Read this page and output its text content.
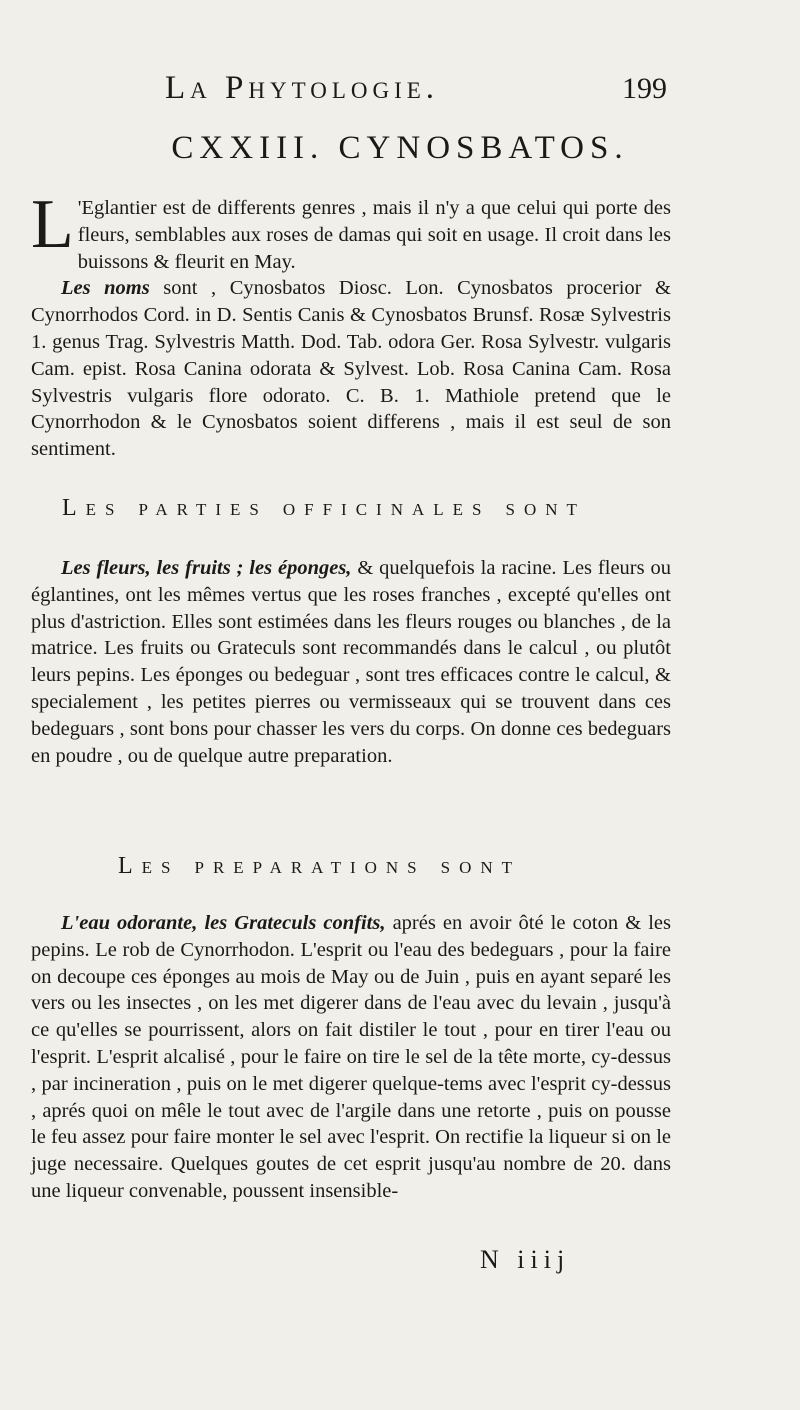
La Phytologie.	199
CXXIII. CYNOSBATOS.

L 'Eglantier est de differents genres , mais il n'y a que celui qui porte des fleurs, semblables aux roses de damas qui soit en usage. Il croit dans les buissons & fleurit en May.

Les noms sont , Cynosbatos Diosc. Lon. Cynosbatos procerior & Cynorrhodos Cord. in D. Sentis Canis & Cynosbatos Brunsf. Rosæ Sylvestris 1. genus Trag. Sylvestris Matth. Dod. Tab. odora Ger. Rosa Sylvestr. vulgaris Cam. epist. Rosa Canina odorata & Sylvest. Lob. Rosa Canina Cam. Rosa Sylvestris vulgaris flore odorato. C. B. 1. Mathiole pretend que le Cynorrhodon & le Cynosbatos soient differens , mais il est seul de son sentiment.

Les parties officinales sont

Les fleurs, les fruits ; les éponges, & quelquefois la racine. Les fleurs ou églantines, ont les mêmes vertus que les roses franches , excepté qu'elles ont plus d'astriction. Elles sont estimées dans les fleurs rouges ou blanches , de la matrice. Les fruits ou Grateculs sont recommandés dans le calcul , ou plutôt leurs pepins. Les éponges ou bedeguar , sont tres efficaces contre le calcul, & specialement , les petites pierres ou vermisseaux qui se trouvent dans ces bedeguars , sont bons pour chasser les vers du corps. On donne ces bedeguars en poudre , ou de quelque autre preparation.

Les preparations sont

L'eau odorante, les Grateculs confits, aprés en avoir ôté le coton & les pepins. Le rob de Cynorrhodon. L'esprit ou l'eau des bedeguars , pour la faire on decoupe ces éponges au mois de May ou de Juin , puis en ayant separé les vers ou les insectes , on les met digerer dans de l'eau avec du levain , jusqu'à ce qu'elles se pourrissent, alors on fait distiler le tout , pour en tirer l'eau ou l'esprit. L'esprit alcalisé , pour le faire on tire le sel de la tête morte, cy-dessus , par incineration , puis on le met digerer quelque-tems avec l'esprit cy-dessus , aprés quoi on mêle le tout avec de l'argile dans une retorte , puis on pousse le feu assez pour faire monter le sel avec l'esprit. On rectifie la liqueur si on le juge necessaire. Quelques goutes de cet esprit jusqu'au nombre de 20. dans une liqueur convenable, poussent insensible-

N iiij
